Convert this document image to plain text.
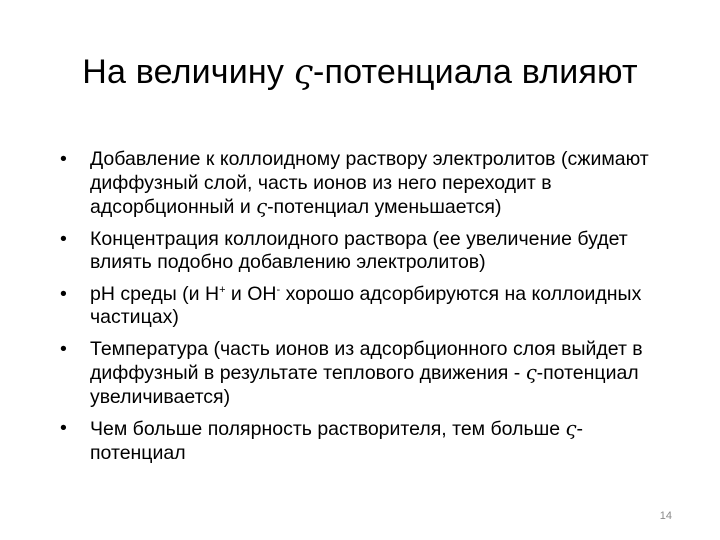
На величину ς-потенциала влияют
• Добавление к коллоидному раствору электролитов (сжимают диффузный слой, часть ионов из него переходит в адсорбционный и ς-потенциал уменьшается)
• Концентрация коллоидного раствора (ее увеличение будет влиять подобно добавлению электролитов)
• рН среды (и Н+ и ОН- хорошо адсорбируются на коллоидных частицах)
• Температура (часть ионов из адсорбционного слоя выйдет в диффузный в результате теплового движения - ς-потенциал увеличивается)
• Чем больше полярность растворителя, тем больше ς-потенциал
14
